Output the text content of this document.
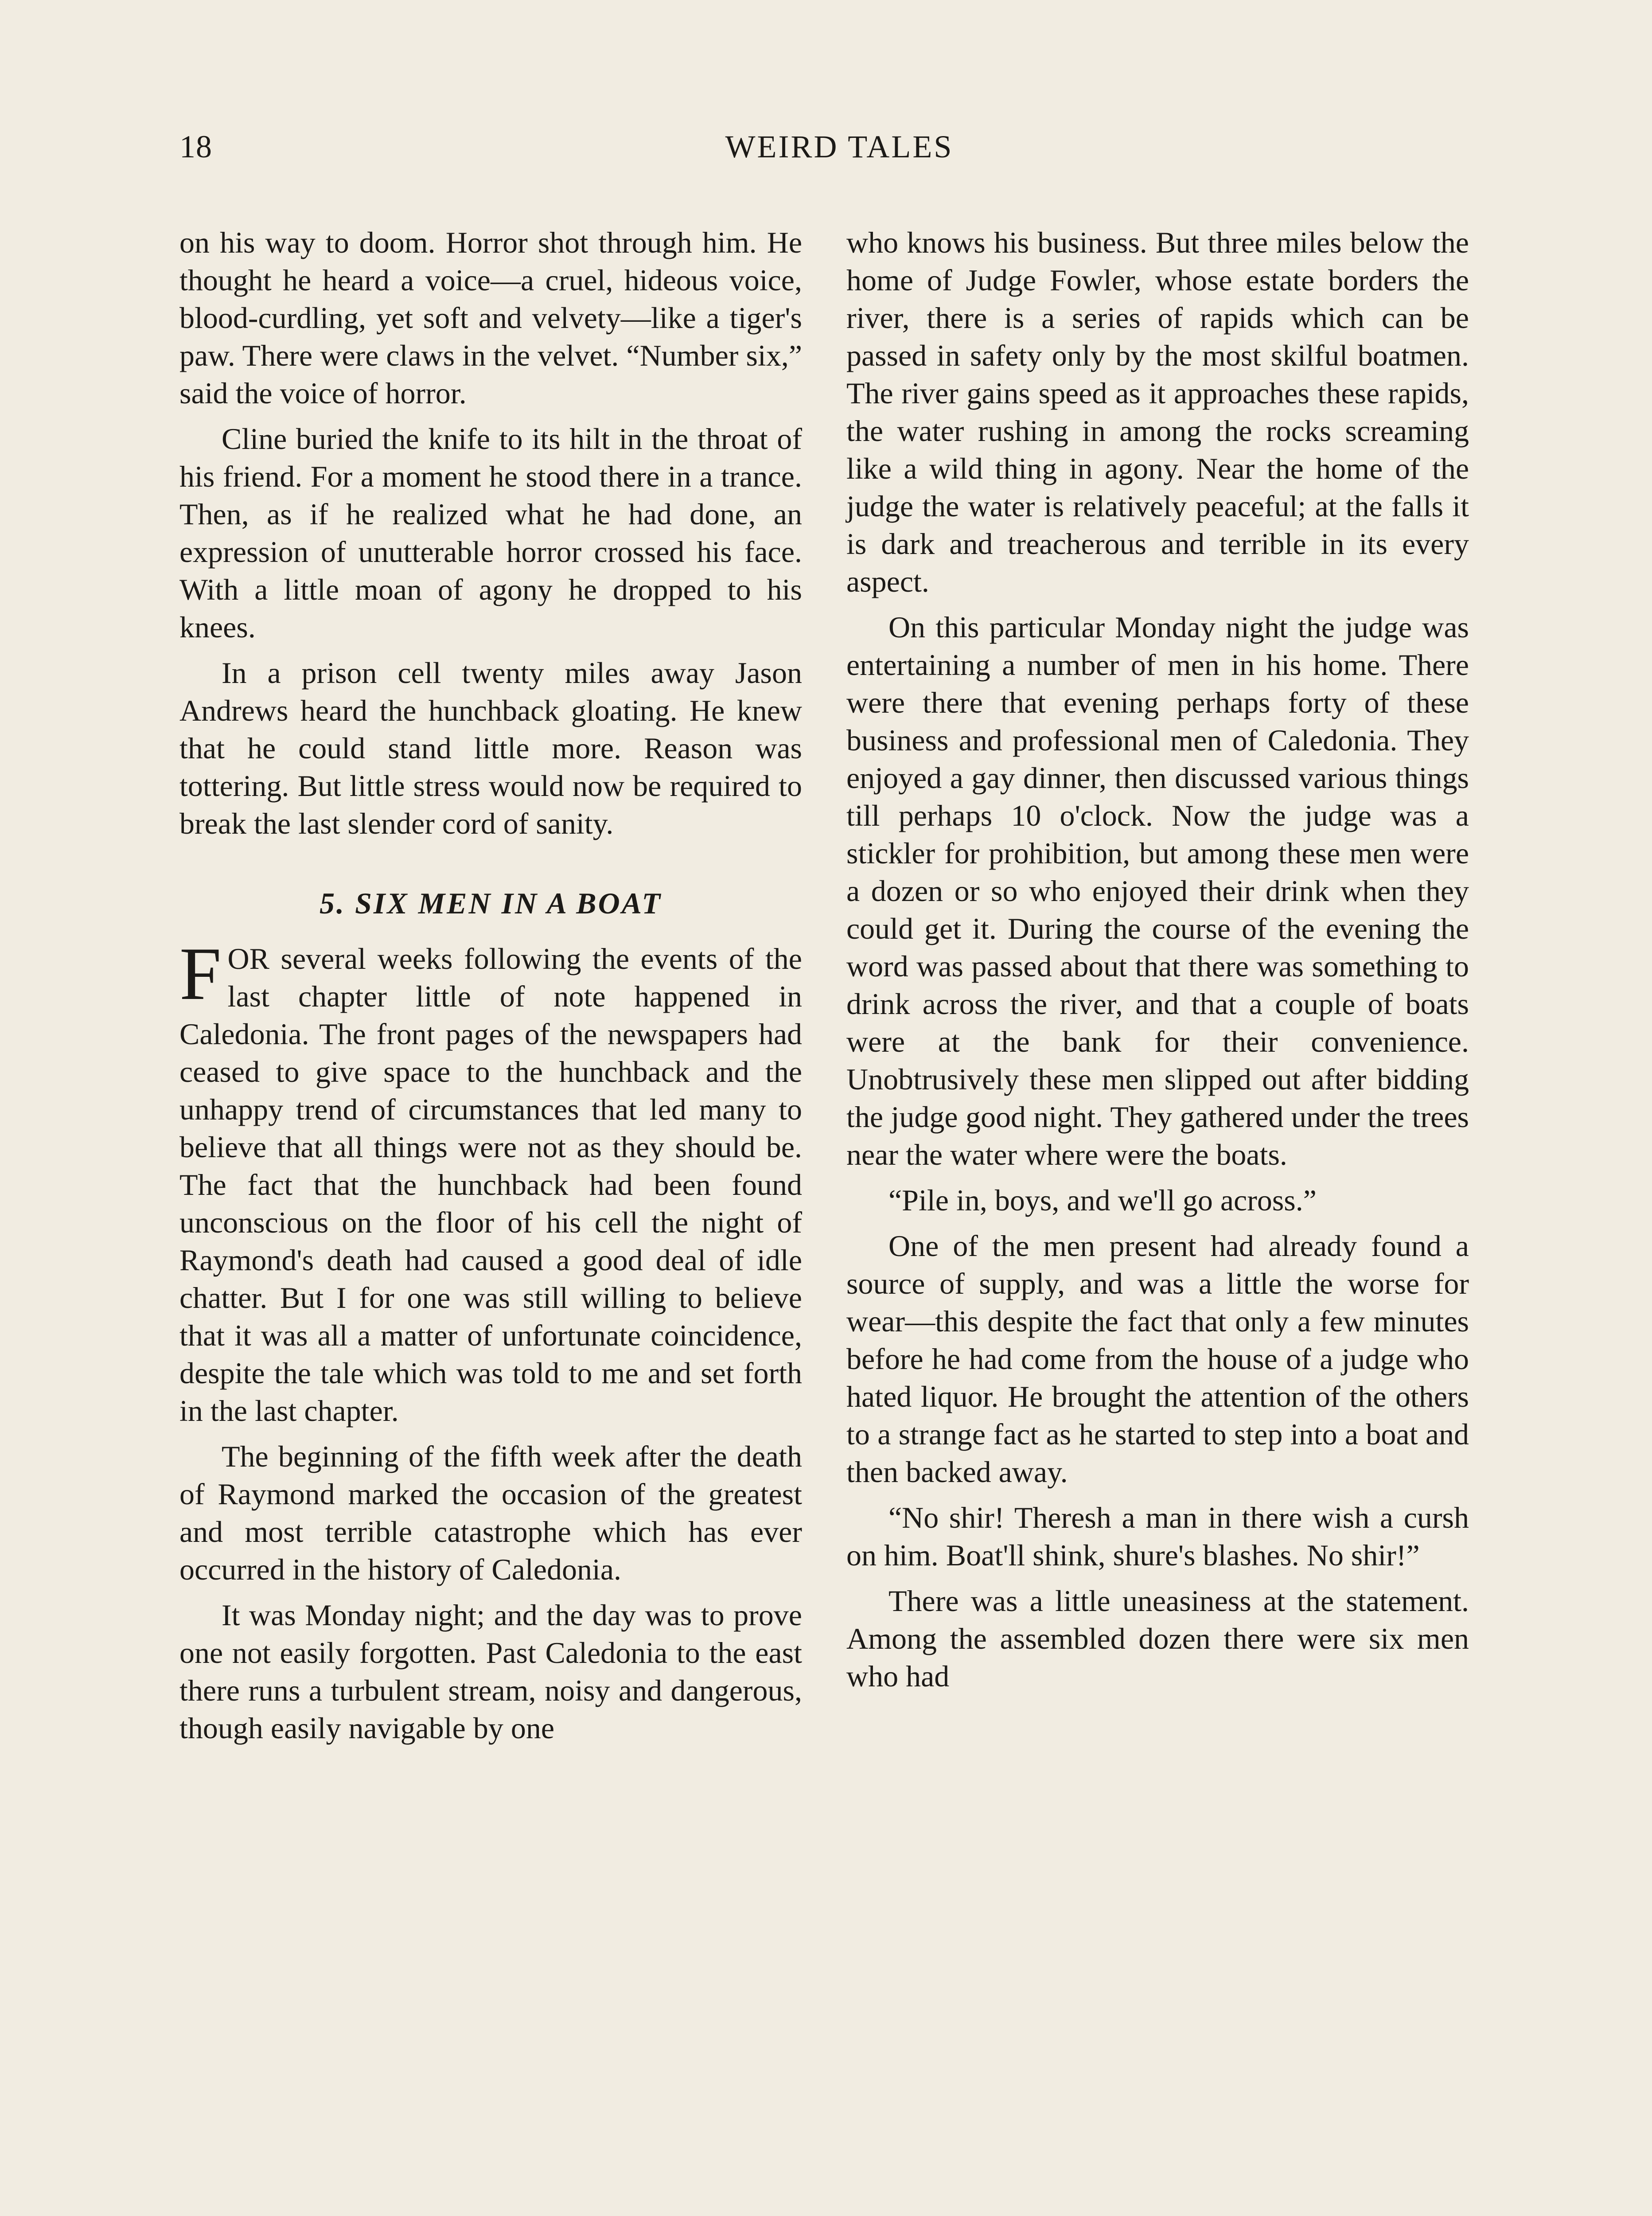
18	WEIRD TALES

on his way to doom. Horror shot through him. He thought he heard a voice—a cruel, hideous voice, blood-curdling, yet soft and velvety—like a tiger's paw. There were claws in the velvet. “Number six,” said the voice of horror.

Cline buried the knife to its hilt in the throat of his friend. For a moment he stood there in a trance. Then, as if he realized what he had done, an expression of unutterable horror crossed his face. With a little moan of agony he dropped to his knees.

In a prison cell twenty miles away Jason Andrews heard the hunchback gloating. He knew that he could stand little more. Reason was tottering. But little stress would now be required to break the last slender cord of sanity.

5. SIX MEN IN A BOAT

FOR several weeks following the events of the last chapter little of note happened in Caledonia. The front pages of the newspapers had ceased to give space to the hunchback and the unhappy trend of circumstances that led many to believe that all things were not as they should be. The fact that the hunchback had been found unconscious on the floor of his cell the night of Raymond's death had caused a good deal of idle chatter. But I for one was still willing to believe that it was all a matter of unfortunate coincidence, despite the tale which was told to me and set forth in the last chapter.

The beginning of the fifth week after the death of Raymond marked the occasion of the greatest and most terrible catastrophe which has ever occurred in the history of Caledonia.

It was Monday night; and the day was to prove one not easily forgotten. Past Caledonia to the east there runs a turbulent stream, noisy and dangerous, though easily navigable by one

who knows his business. But three miles below the home of Judge Fowler, whose estate borders the river, there is a series of rapids which can be passed in safety only by the most skilful boatmen. The river gains speed as it approaches these rapids, the water rushing in among the rocks screaming like a wild thing in agony. Near the home of the judge the water is relatively peaceful; at the falls it is dark and treacherous and terrible in its every aspect.

On this particular Monday night the judge was entertaining a number of men in his home. There were there that evening perhaps forty of these business and professional men of Caledonia. They enjoyed a gay dinner, then discussed various things till perhaps 10 o'clock. Now the judge was a stickler for prohibition, but among these men were a dozen or so who enjoyed their drink when they could get it. During the course of the evening the word was passed about that there was something to drink across the river, and that a couple of boats were at the bank for their convenience. Unobtrusively these men slipped out after bidding the judge good night. They gathered under the trees near the water where were the boats.

“Pile in, boys, and we'll go across.”

One of the men present had already found a source of supply, and was a little the worse for wear—this despite the fact that only a few minutes before he had come from the house of a judge who hated liquor. He brought the attention of the others to a strange fact as he started to step into a boat and then backed away.

“No shir! Theresh a man in there wish a cursh on him. Boat'll shink, shure's blashes. No shir!”

There was a little uneasiness at the statement. Among the assembled dozen there were six men who had
